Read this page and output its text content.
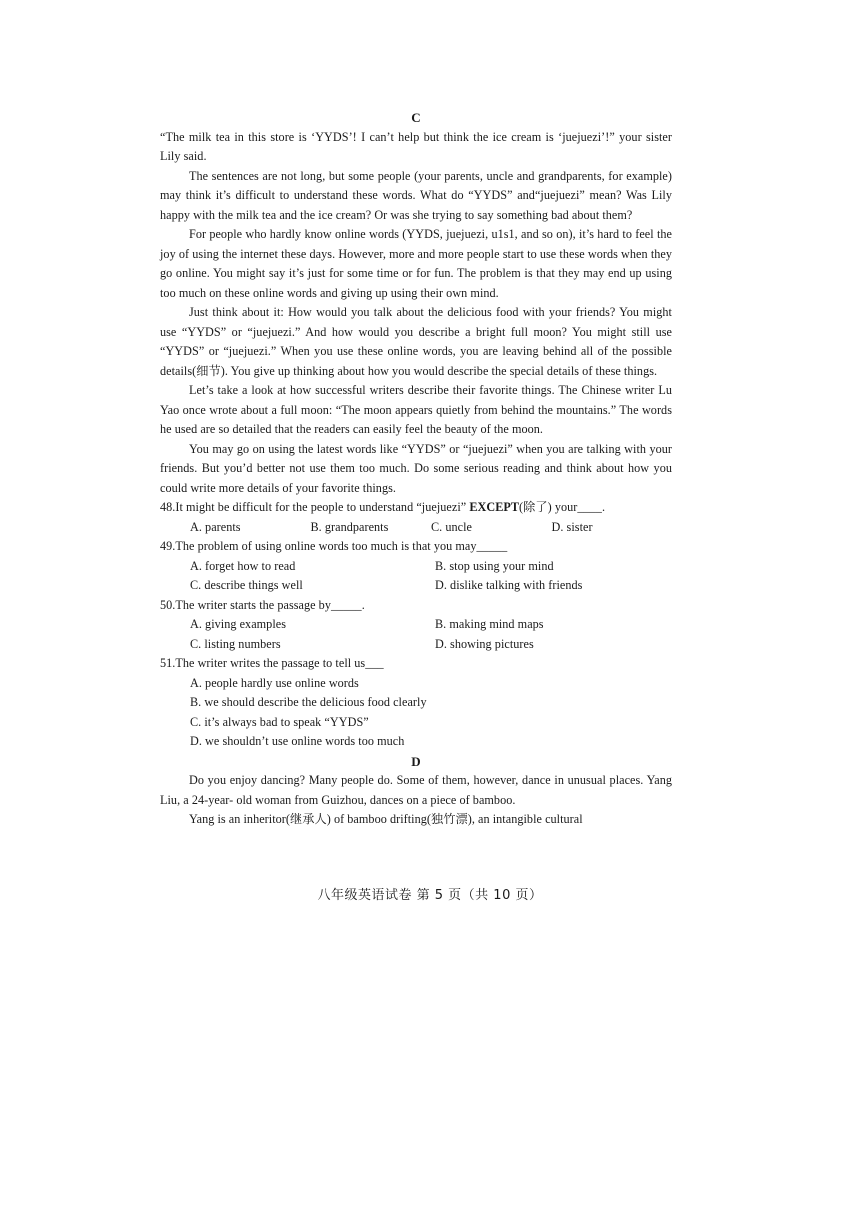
C

“The milk tea in this store is ‘YYDS’! I can’t help but think the ice cream is ‘juejuezi’!” your sister Lily said.

The sentences are not long, but some people (your parents, uncle and grandparents, for example) may think it’s difficult to understand these words. What do “YYDS” and“juejuezi” mean? Was Lily happy with the milk tea and the ice cream? Or was she trying to say something bad about them?

For people who hardly know online words (YYDS, juejuezi, u1s1, and so on), it’s hard to feel the joy of using the internet these days. However, more and more people start to use these words when they go online. You might say it’s just for some time or for fun. The problem is that they may end up using too much on these online words and giving up using their own mind.

Just think about it: How would you talk about the delicious food with your friends? You might use “YYDS” or “juejuezi.” And how would you describe a bright full moon? You might still use “YYDS” or “juejuezi.” When you use these online words, you are leaving behind all of the possible details(细节). You give up thinking about how you would describe the special details of these things.

Let’s take a look at how successful writers describe their favorite things. The Chinese writer Lu Yao once wrote about a full moon: “The moon appears quietly from behind the mountains.” The words he used are so detailed that the readers can easily feel the beauty of the moon.

You may go on using the latest words like “YYDS” or “juejuezi” when you are talking with your friends. But you’d better not use them too much. Do some serious reading and think about how you could write more details of your favorite things.

48.It might be difficult for the people to understand “juejuezi” EXCEPT(除了) your____.

A. parents	B. grandparents	C. uncle	D. sister

49.The problem of using online words too much is that you may_____

A. forget how to read	B. stop using your mind
C. describe things well	D. dislike talking with friends

50.The writer starts the passage by_____.

A. giving examples	B. making mind maps
C. listing numbers	D. showing pictures

51.The writer writes the passage to tell us___

A. people hardly use online words

B. we should describe the delicious food clearly

C. it’s always bad to speak “YYDS”

D. we shouldn’t use online words too much

D

Do you enjoy dancing? Many people do. Some of them, however, dance in unusual places. Yang Liu, a 24-year- old woman from Guizhou, dances on a piece of bamboo.

Yang is an inheritor(继承人) of bamboo drifting(独竹漂), an intangible cultural

八年级英语试卷 第 5 页（共 10 页）
